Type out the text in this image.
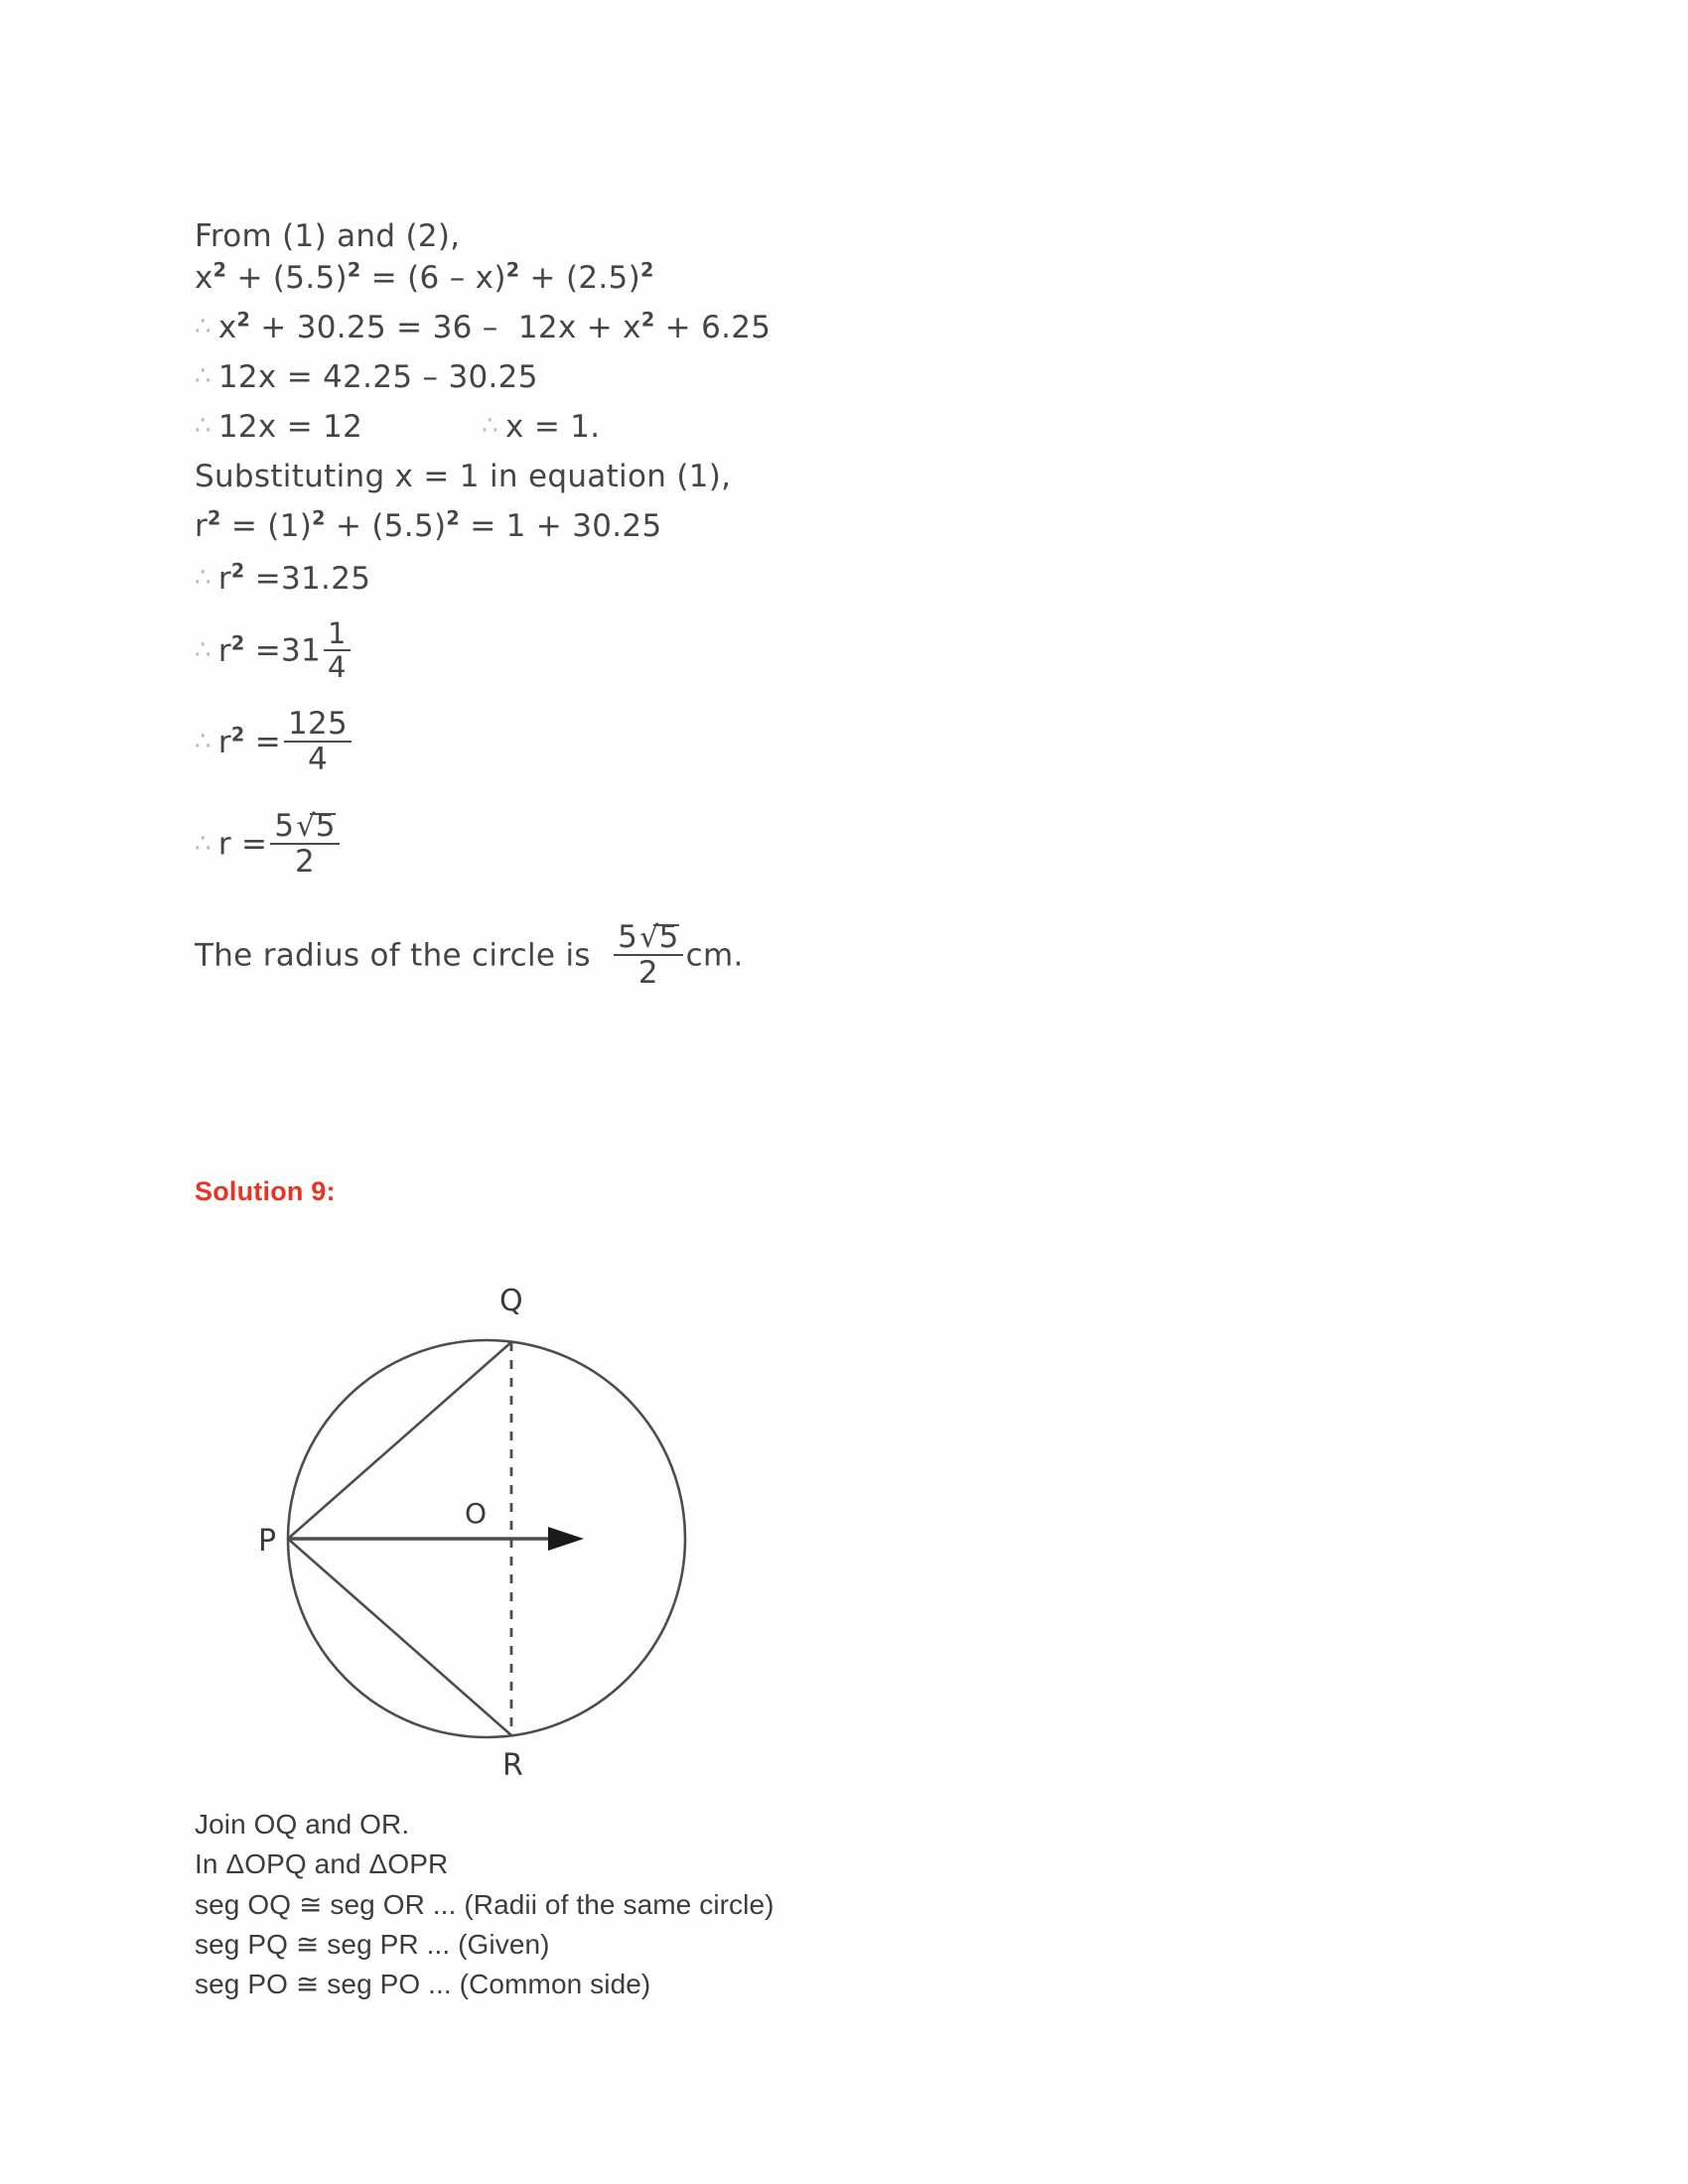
From (1) and (2),
$x^2 + (5.5)^2 = (6 - x)^2 + (2.5)^2$
∴ $x^2 + 30.25 = 36 - 12x + x^2 + 6.25$
∴ 12x = 42.25 – 30.25
∴ 12x = 12	∴ x = 1.
Substituting x = 1 in equation (1),
$r^2 = (1)^2 + (5.5)^2 = 1 + 30.25$
∴ $r^2 =31.25$
∴ $r^2 =31 \frac{1}{4}$
∴ $r^2 = \frac{125}{4}$
∴ $r = \frac{5√5}{2}$
The radius of the circle is $\frac{5√5}{2}$ cm.
Solution 9:
P
Q
R
O
Join OQ and OR.
In ΔOPQ and ΔOPR
seg OQ ≅ seg OR ... (Radii of the same circle)
seg PQ ≅ seg PR ... (Given)
seg PO ≅ seg PO ... (Common side)
